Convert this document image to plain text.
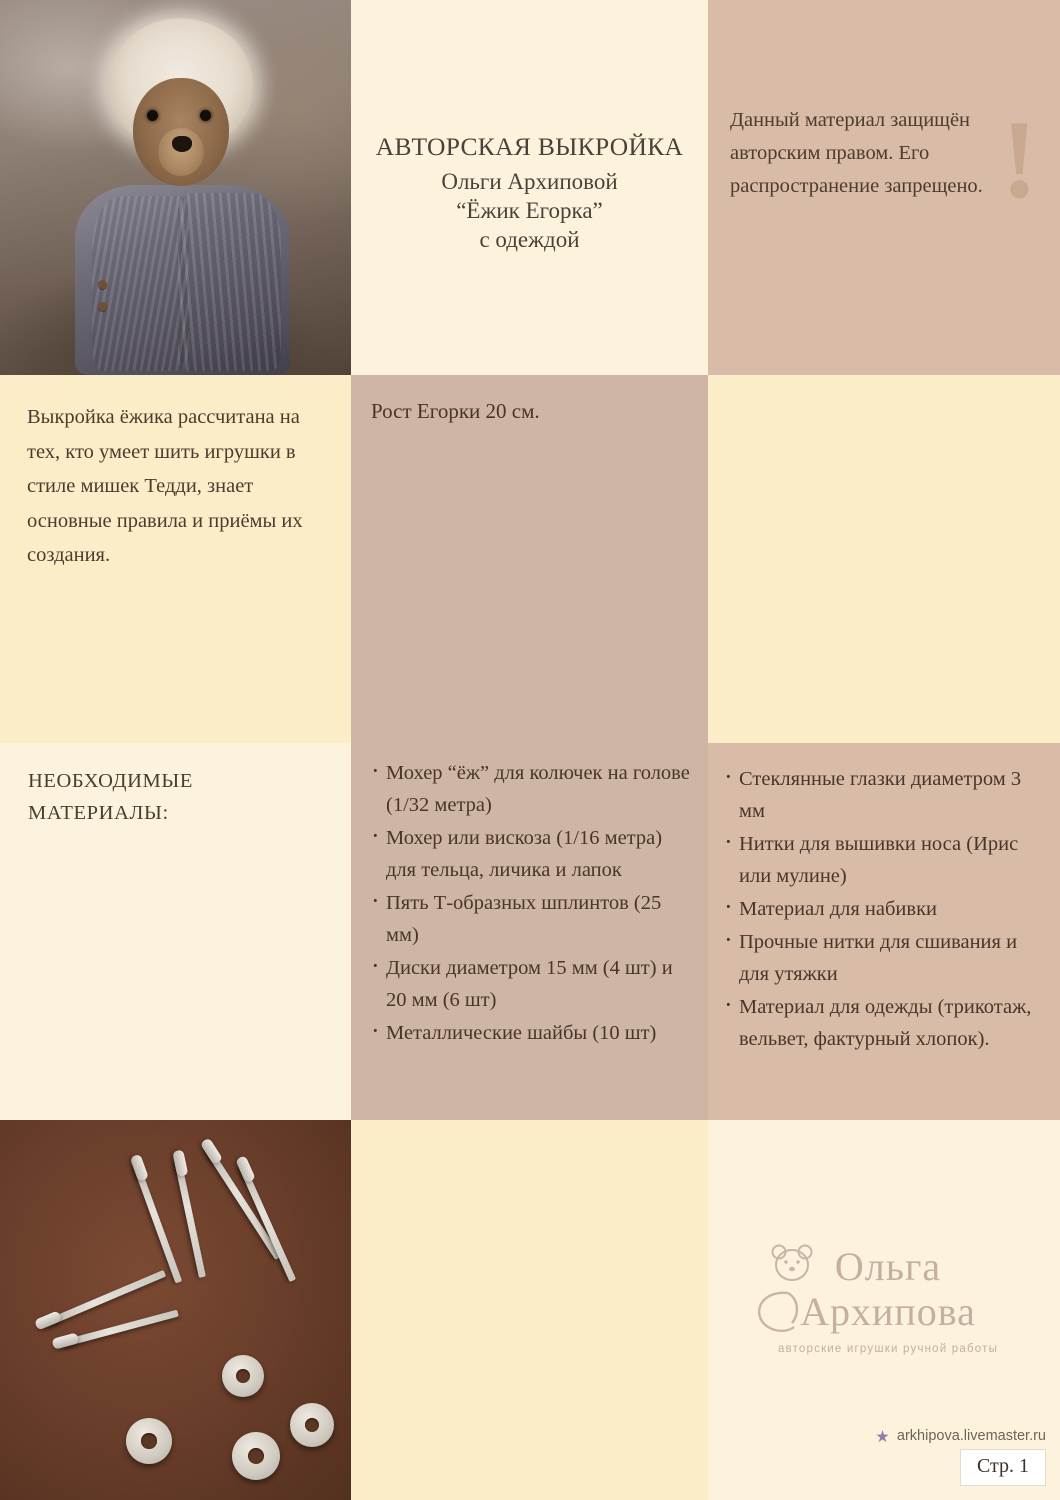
АВТОРСКАЯ ВЫКРОЙКА
Ольги Архиповой
“Ёжик Егорка”
с одеждой

Данный материал защищён авторским правом. Его распространение запрещено. !

Выкройка ёжика рассчитана на тех, кто умеет шить игрушки в стиле мишек Тедди, знает основные правила и приёмы их создания.

Рост Егорки 20 см.

НЕОБХОДИМЫЕ
МАТЕРИАЛЫ:
· Мохер “ёж” для колючек на голове (1/32 метра)
· Мохер или вискоза (1/16 метра) для тельца, личика и лапок
· Пять Т-образных шплинтов (25 мм)
· Диски диаметром 15 мм (4 шт) и 20 мм (6 шт)
· Металлические шайбы (10 шт)
· Стеклянные глазки диаметром 3 мм
· Нитки для вышивки носа (Ирис или мулине)
· Материал для набивки
· Прочные нитки для сшивания и для утяжки
· Материал для одежды (трикотаж, вельвет, фактурный хлопок).
Ольга
Архипова
авторские игрушки ручной работы
arkhipova.livemaster.ru
Стр. 1
